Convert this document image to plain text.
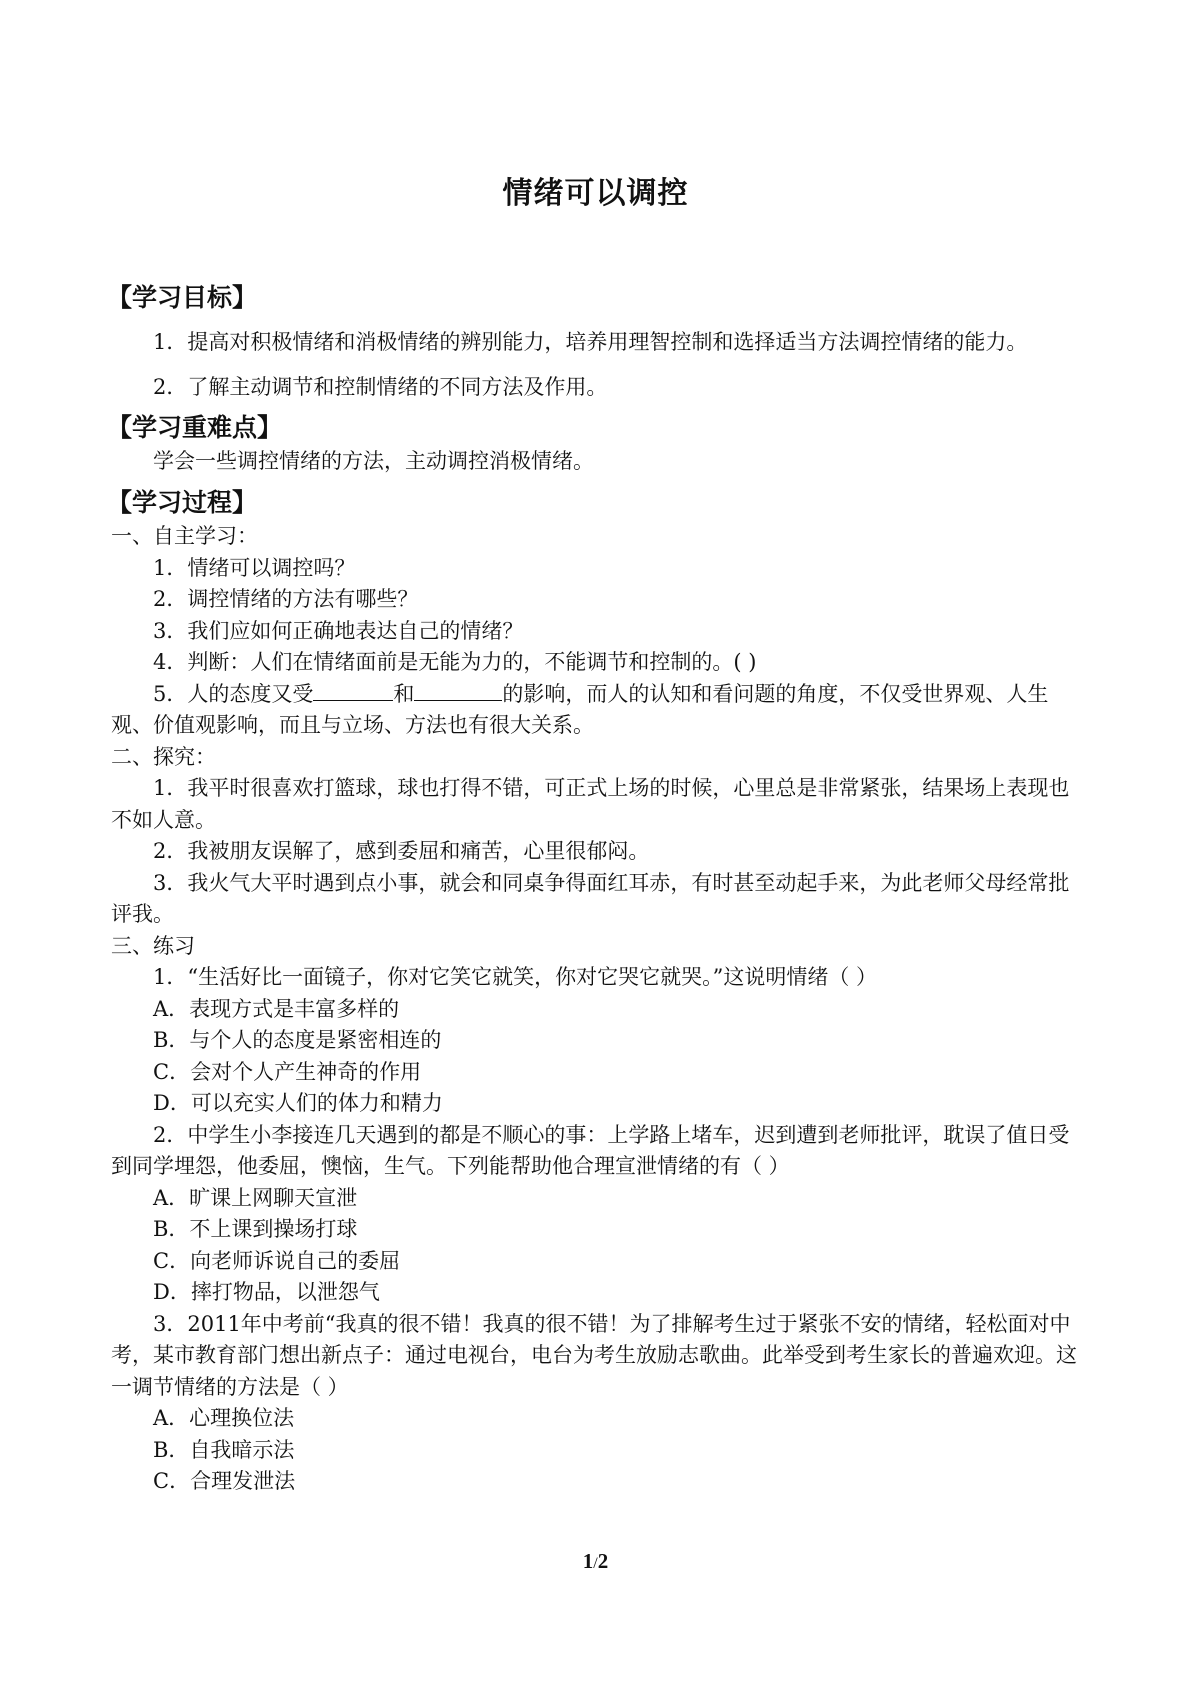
情绪可以调控
【学习目标】
1．提高对积极情绪和消极情绪的辨别能力，培养用理智控制和选择适当方法调控情绪的能力。
2．了解主动调节和控制情绪的不同方法及作用。
【学习重难点】
学会一些调控情绪的方法，主动调控消极情绪。
【学习过程】
一、自主学习：
1．情绪可以调控吗？
2．调控情绪的方法有哪些？
3．我们应如何正确地表达自己的情绪？
4．判断：人们在情绪面前是无能为力的，不能调节和控制的。( )
5．人的态度又受	和	的影响，而人的认知和看问题的角度，不仅受世界观、人生观、价值观影响，而且与立场、方法也有很大关系。
二、探究：
1．我平时很喜欢打篮球，球也打得不错，可正式上场的时候，心里总是非常紧张，结果场上表现也不如人意。
2．我被朋友误解了，感到委屈和痛苦，心里很郁闷。
3．我火气大平时遇到点小事，就会和同桌争得面红耳赤，有时甚至动起手来，为此老师父母经常批评我。
三、练习
1．“生活好比一面镜子，你对它笑它就笑，你对它哭它就哭。”这说明情绪（ ）
A．表现方式是丰富多样的
B．与个人的态度是紧密相连的
C．会对个人产生神奇的作用
D．可以充实人们的体力和精力
2．中学生小李接连几天遇到的都是不顺心的事：上学路上堵车，迟到遭到老师批评，耽误了值日受到同学埋怨，他委屈，懊恼，生气。下列能帮助他合理宣泄情绪的有（ ）
A．旷课上网聊天宣泄
B．不上课到操场打球
C．向老师诉说自己的委屈
D．摔打物品，以泄怨气
3．2011年中考前“我真的很不错！我真的很不错！为了排解考生过于紧张不安的情绪，轻松面对中考，某市教育部门想出新点子：通过电视台，电台为考生放励志歌曲。此举受到考生家长的普遍欢迎。这一调节情绪的方法是（ ）
A．心理换位法
B．自我暗示法
C．合理发泄法
1/2
